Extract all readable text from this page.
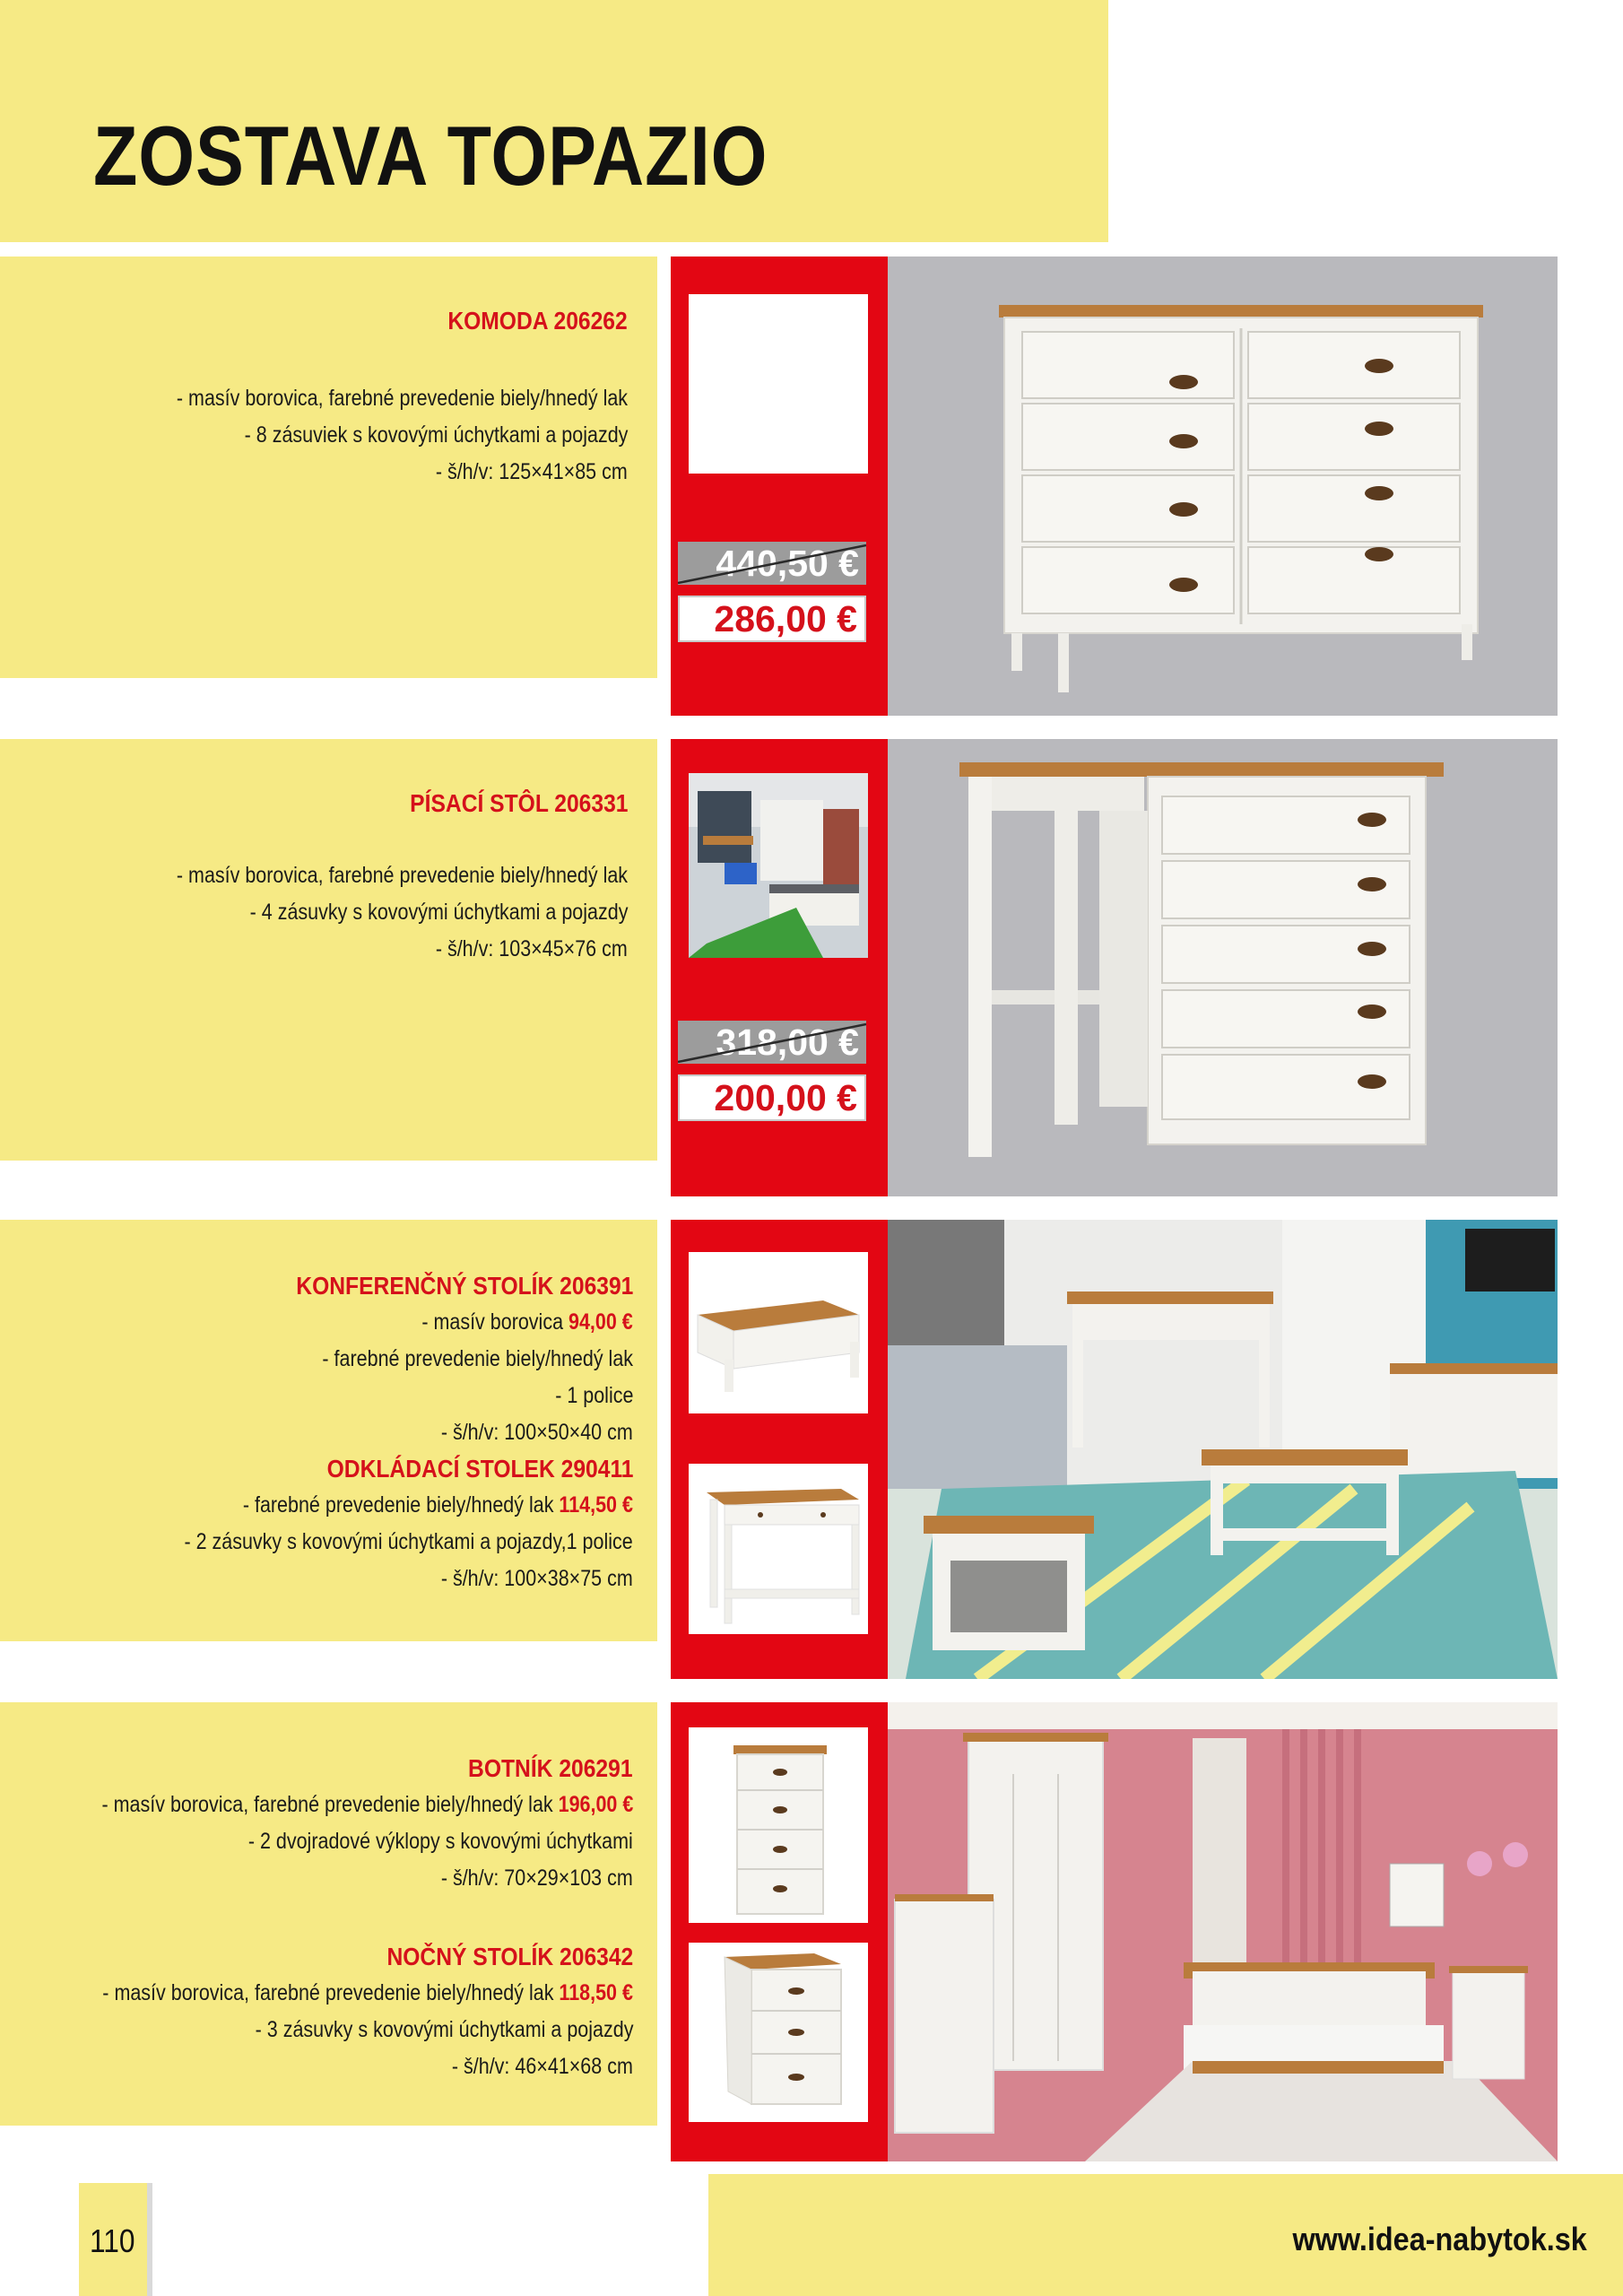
ZOSTAVA TOPAZIO
KOMODA 206262
- masív borovica, farebné prevedenie biely/hnedý lak
- 8 zásuviek s kovovými úchytkami a pojazdy
- š/h/v: 125×41×85 cm
440,50 €
286,00 €
PÍSACÍ STÔL 206331
- masív borovica, farebné prevedenie biely/hnedý lak
- 4 zásuvky s kovovými úchytkami a pojazdy
- š/h/v: 103×45×76 cm
318,00 €
200,00 €
KONFERENČNÝ STOLÍK 206391
- masív borovica 94,00 €
- farebné prevedenie biely/hnedý lak
- 1 police
- š/h/v: 100×50×40 cm
ODKLÁDACÍ STOLEK 290411
- farebné prevedenie biely/hnedý lak 114,50 €
- 2 zásuvky s kovovými úchytkami a pojazdy,1 police
- š/h/v: 100×38×75 cm
BOTNÍK 206291
- masív borovica, farebné prevedenie biely/hnedý lak 196,00 €
- 2 dvojradové výklopy s kovovými úchytkami
- š/h/v: 70×29×103 cm
NOČNÝ STOLÍK 206342
- masív borovica, farebné prevedenie biely/hnedý lak 118,50 €
- 3 zásuvky s kovovými úchytkami a pojazdy
- š/h/v: 46×41×68 cm
110	www.idea-nabytok.sk
